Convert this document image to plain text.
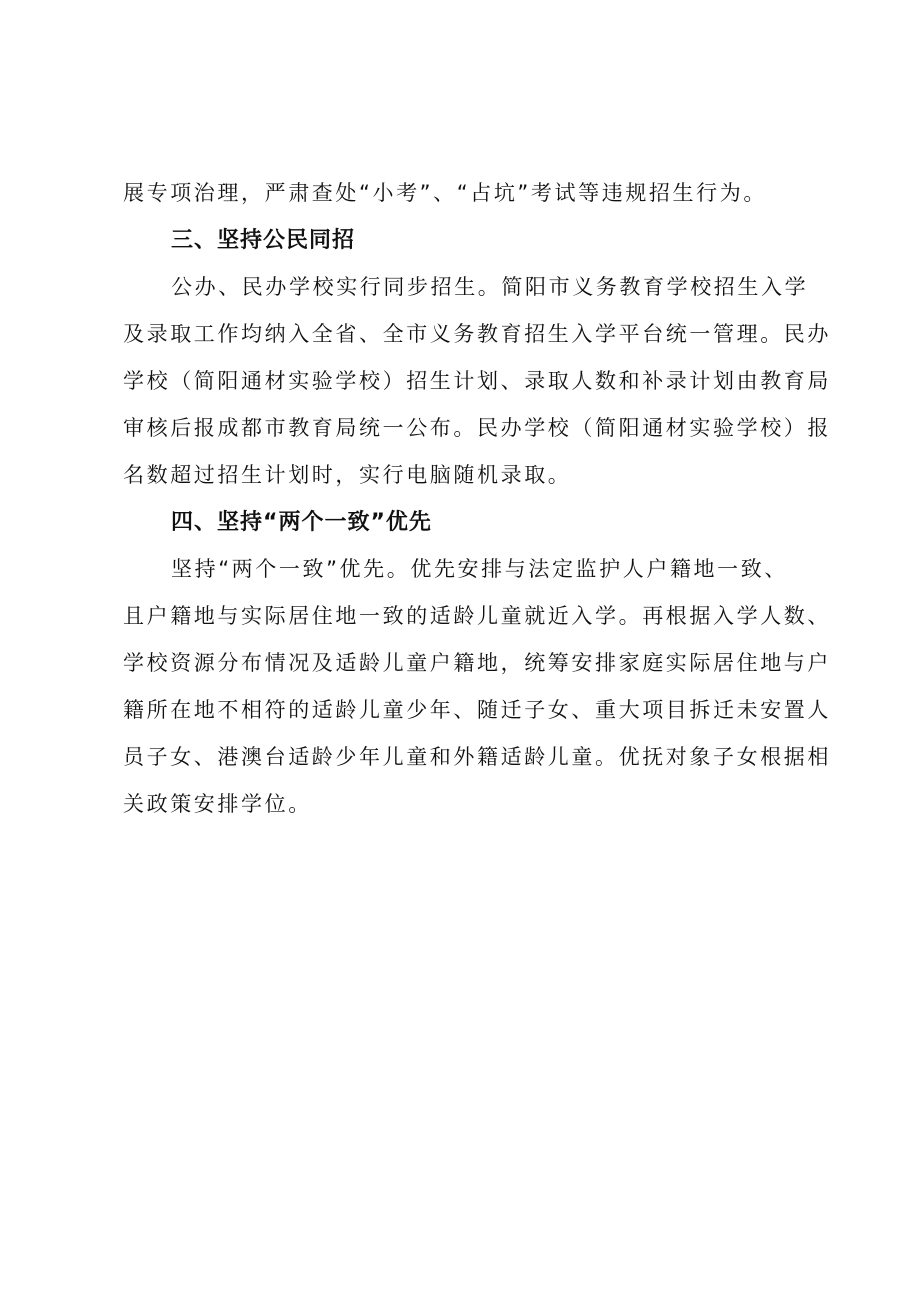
展专项治理，严肃查处“小考”、“占坑”考试等违规招生行为。

三、坚持公民同招

公办、民办学校实行同步招生。简阳市义务教育学校招生入学
及录取工作均纳入全省、全市义务教育招生入学平台统一管理。民办
学校（简阳通材实验学校）招生计划、录取人数和补录计划由教育局
审核后报成都市教育局统一公布。民办学校（简阳通材实验学校）报
名数超过招生计划时，实行电脑随机录取。

四、坚持“两个一致”优先

坚持“两个一致”优先。优先安排与法定监护人户籍地一致、
且户籍地与实际居住地一致的适龄儿童就近入学。再根据入学人数、
学校资源分布情况及适龄儿童户籍地，统筹安排家庭实际居住地与户
籍所在地不相符的适龄儿童少年、随迁子女、重大项目拆迁未安置人
员子女、港澳台适龄少年儿童和外籍适龄儿童。优抚对象子女根据相
关政策安排学位。
